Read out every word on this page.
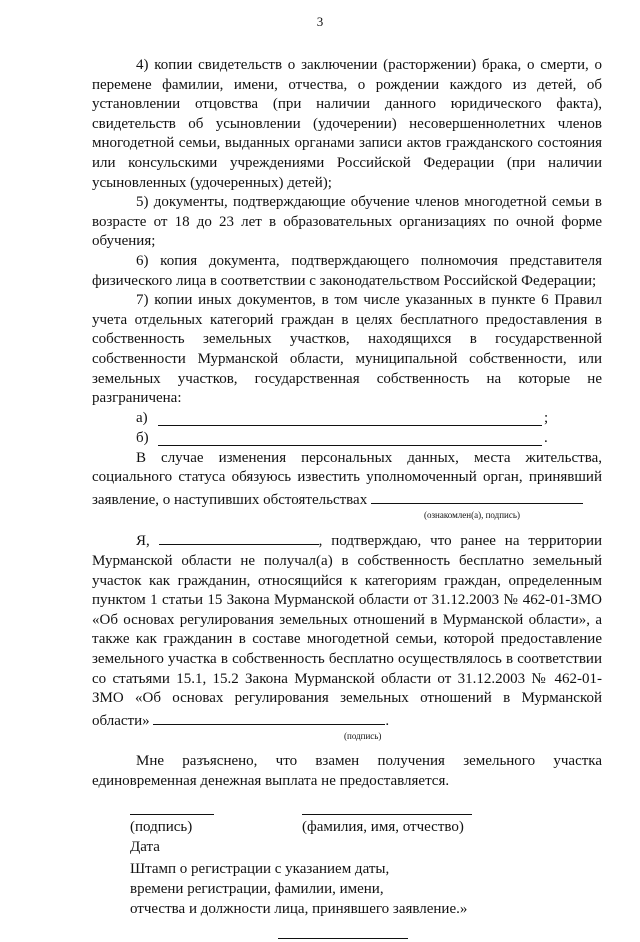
3

4) копии свидетельств о заключении (расторжении) брака, о смерти, о перемене фамилии, имени, отчества, о рождении каждого из детей, об установлении отцовства (при наличии данного юридического факта), свидетельств об усыновлении (удочерении) несовершеннолетних членов многодетной семьи, выданных органами записи актов гражданского состояния или консульскими учреждениями Российской Федерации (при наличии усыновленных (удочеренных) детей);

5) документы, подтверждающие обучение членов многодетной семьи в возрасте от 18 до 23 лет в образовательных организациях по очной форме обучения;

6) копия документа, подтверждающего полномочия представителя физического лица в соответствии с законодательством Российской Федерации;

7) копии иных документов, в том числе указанных в пункте 6 Правил учета отдельных категорий граждан в целях бесплатного предоставления в собственность земельных участков, находящихся в государственной собственности Мурманской области, муниципальной собственности, или земельных участков, государственная собственность на которые не разграничена:

а)	;
б)	.

В случае изменения персональных данных, места жительства, социального статуса обязуюсь известить уполномоченный орган, принявший заявление, о наступивших обстоятельствах

(ознакомлен(а), подпись)

Я,	, подтверждаю, что ранее на территории Мурманской области не получал(а) в собственность бесплатно земельный участок как гражданин, относящийся к категориям граждан, определенным пунктом 1 статьи 15 Закона Мурманской области от 31.12.2003 № 462-01-ЗМО «Об основах регулирования земельных отношений в Мурманской области», а также как гражданин в составе многодетной семьи, которой предоставление земельного участка в собственность бесплатно осуществлялось в соответствии со статьями 15.1, 15.2 Закона Мурманской области от 31.12.2003 № 462-01-ЗМО «Об основах регулирования земельных отношений в Мурманской области»	.

(подпись)

Мне разъяснено, что взамен получения земельного участка единовременная денежная выплата не предоставляется.

(подпись)	(фамилия, имя, отчество)
Дата
Штамп о регистрации с указанием даты,
времени регистрации, фамилии, имени,
отчества и должности лица, принявшего заявление.»
